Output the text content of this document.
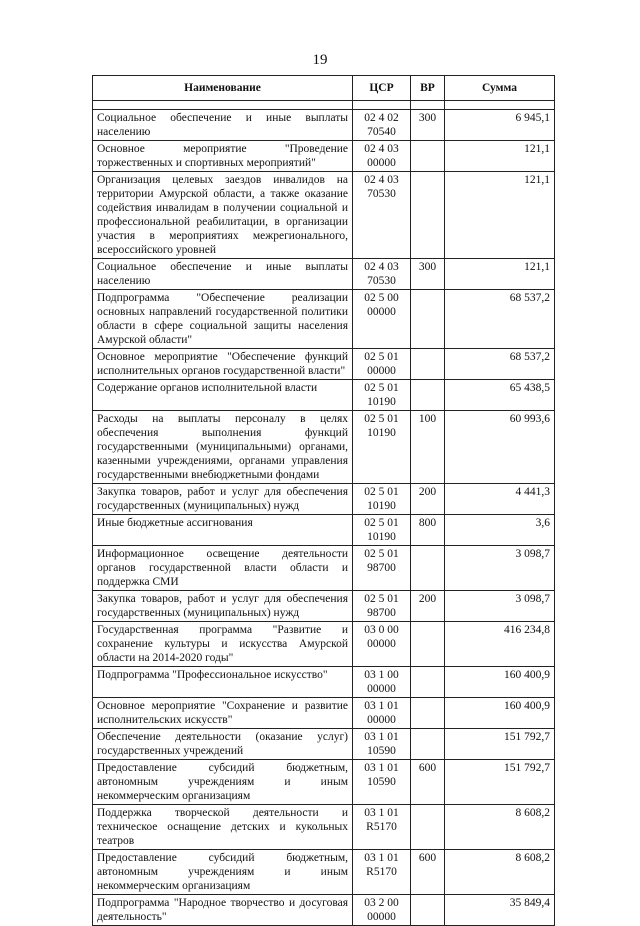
19
Наименование	ЦСР	ВР	Сумма

Социальное обеспечение и иные выплаты населению	02 4 02 70540	300	6 945,1
Основное мероприятие "Проведение торжественных и спортивных мероприятий"	02 4 03 00000		121,1
Организация целевых заездов инвалидов на территории Амурской области, а также оказание содействия инвалидам в получении социальной и профессиональной реабилитации, в организации участия в мероприятиях межрегионального, всероссийского уровней	02 4 03 70530		121,1
Социальное обеспечение и иные выплаты населению	02 4 03 70530	300	121,1
Подпрограмма "Обеспечение реализации основных направлений государственной политики области в сфере социальной защиты населения Амурской области"	02 5 00 00000		68 537,2
Основное мероприятие "Обеспечение функций исполнительных органов государственной власти"	02 5 01 00000		68 537,2
Содержание органов исполнительной власти	02 5 01 10190		65 438,5
Расходы на выплаты персоналу в целях обеспечения выполнения функций государственными (муниципальными) органами, казенными учреждениями, органами управления государственными внебюджетными фондами	02 5 01 10190	100	60 993,6
Закупка товаров, работ и услуг для обеспечения государственных (муниципальных) нужд	02 5 01 10190	200	4 441,3
Иные бюджетные ассигнования	02 5 01 10190	800	3,6
Информационное освещение деятельности органов государственной власти области и поддержка СМИ	02 5 01 98700		3 098,7
Закупка товаров, работ и услуг для обеспечения государственных (муниципальных) нужд	02 5 01 98700	200	3 098,7
Государственная программа "Развитие и сохранение культуры и искусства Амурской области на 2014-2020 годы"	03 0 00 00000		416 234,8
Подпрограмма "Профессиональное искусство"	03 1 00 00000		160 400,9
Основное мероприятие "Сохранение и развитие исполнительских искусств"	03 1 01 00000		160 400,9
Обеспечение деятельности (оказание услуг) государственных учреждений	03 1 01 10590		151 792,7
Предоставление субсидий бюджетным, автономным учреждениям и иным некоммерческим организациям	03 1 01 10590	600	151 792,7
Поддержка творческой деятельности и техническое оснащение детских и кукольных театров	03 1 01 R5170		8 608,2
Предоставление субсидий бюджетным, автономным учреждениям и иным некоммерческим организациям	03 1 01 R5170	600	8 608,2
Подпрограмма "Народное творчество и досуговая деятельность"	03 2 00 00000		35 849,4
